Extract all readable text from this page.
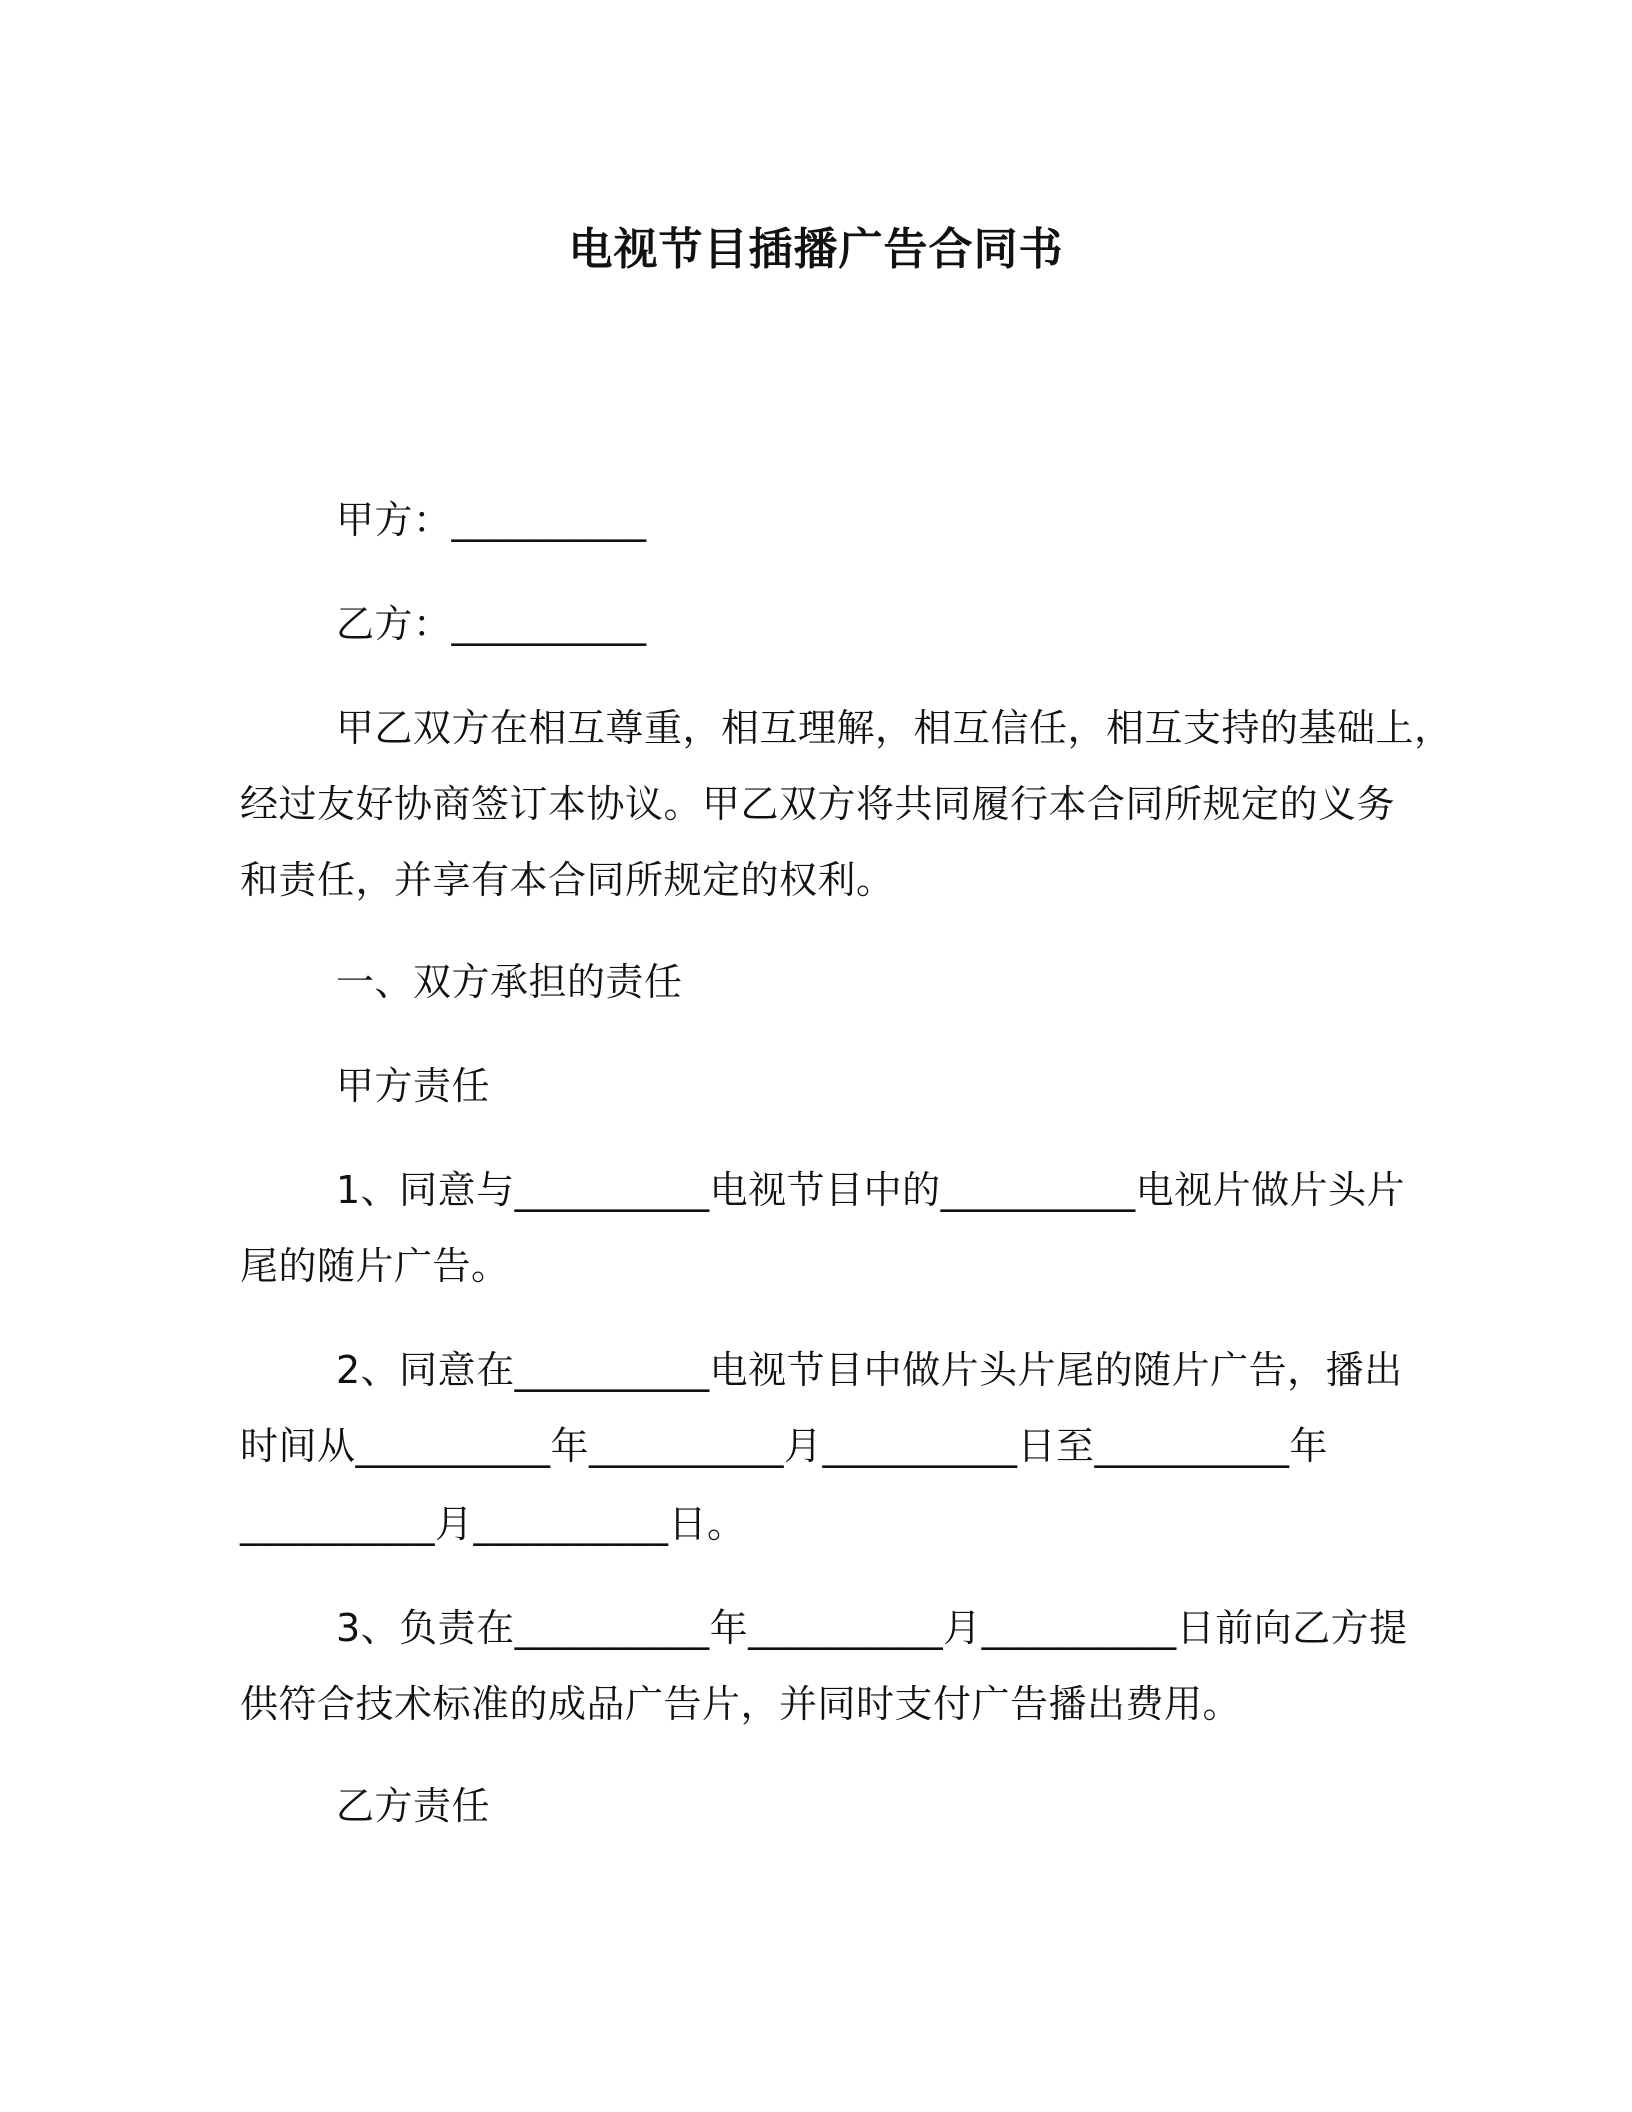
电视节目插播广告合同书
甲方：__________
乙方：__________
甲乙双方在相互尊重，相互理解，相互信任，相互支持的基础上，
经过友好协商签订本协议。甲乙双方将共同履行本合同所规定的义务
和责任，并享有本合同所规定的权利。
一、双方承担的责任
甲方责任
1、同意与__________电视节目中的__________电视片做片头片
尾的随片广告。
2、同意在__________电视节目中做片头片尾的随片广告，播出
时间从__________年__________月__________日至__________年
__________月__________日。
3、负责在__________年__________月__________日前向乙方提
供符合技术标准的成品广告片，并同时支付广告播出费用。
乙方责任
